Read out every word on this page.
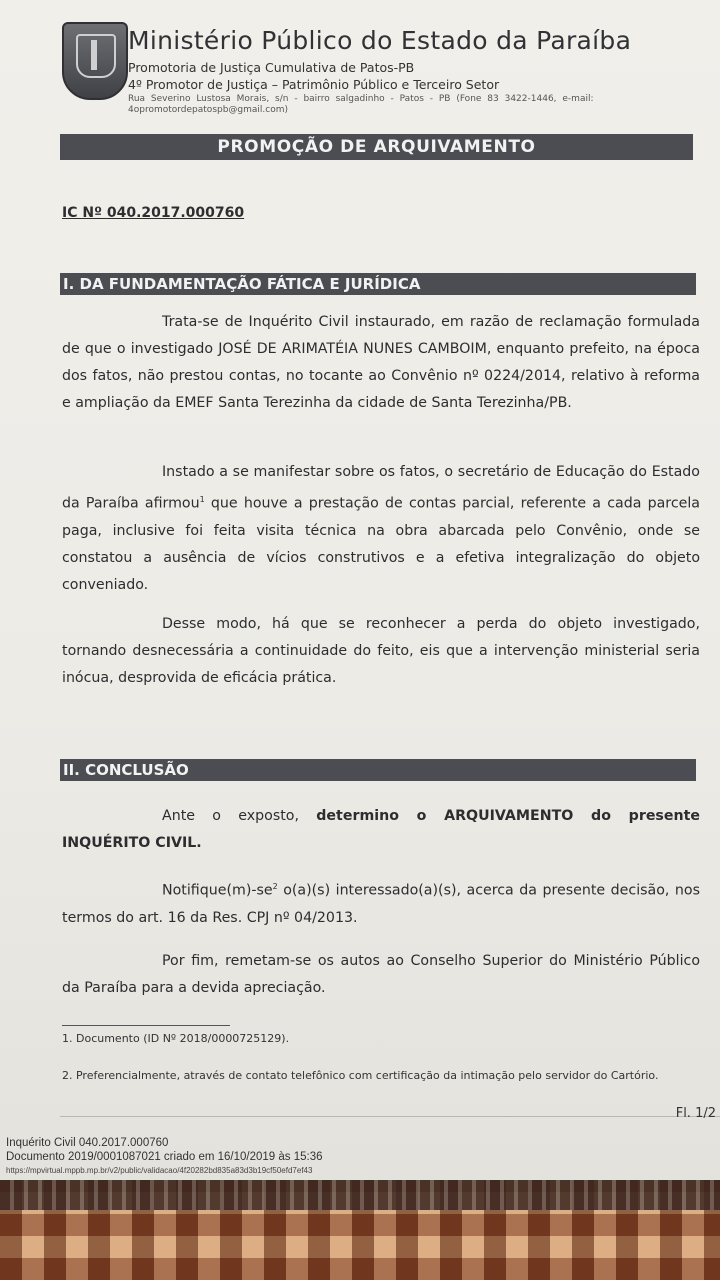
Ministério Público do Estado da Paraíba
Promotoria de Justiça Cumulativa de Patos-PB
4º Promotor de Justiça – Patrimônio Público e Terceiro Setor
Rua Severino Lustosa Morais, s/n - bairro salgadinho - Patos - PB (Fone 83 3422-1446, e-mail:
4opromotordepatospb@gmail.com)
PROMOÇÃO DE ARQUIVAMENTO
IC Nº 040.2017.000760
I. DA FUNDAMENTAÇÃO FÁTICA E JURÍDICA
Trata-se de Inquérito Civil instaurado, em razão de reclamação formulada de que o investigado JOSÉ DE ARIMATÉIA NUNES CAMBOIM, enquanto prefeito, na época dos fatos, não prestou contas, no tocante ao Convênio nº 0224/2014, relativo à reforma e ampliação da EMEF Santa Terezinha da cidade de Santa Terezinha/PB.
Instado a se manifestar sobre os fatos, o secretário de Educação do Estado da Paraíba afirmou$^1$ que houve a prestação de contas parcial, referente a cada parcela paga, inclusive foi feita visita técnica na obra abarcada pelo Convênio, onde se constatou a ausência de vícios construtivos e a efetiva integralização do objeto conveniado.
Desse modo, há que se reconhecer a perda do objeto investigado, tornando desnecessária a continuidade do feito, eis que a intervenção ministerial seria inócua, desprovida de eficácia prática.
II. CONCLUSÃO
Ante o exposto, determino o ARQUIVAMENTO do presente INQUÉRITO CIVIL.
$Notifique(m)-se^2$ o(a)(s) interessado(a)(s), acerca da presente decisão, nos termos do art. 16 da Res. CPJ nº 04/2013.
Por fim, remetam-se os autos ao Conselho Superior do Ministério Público da Paraíba para a devida apreciação.
1. Documento (ID Nº 2018/0000725129).
2. Preferencialmente, através de contato telefônico com certificação da intimação pelo servidor do Cartório.
Fl. 1/2
Inquérito Civil 040.2017.000760
Documento 2019/0001087021 criado em 16/10/2019 às 15:36
https://mpvirtual.mppb.mp.br/v2/public/validacao/4f20282bd835a83d3b19cf50efd7ef43
